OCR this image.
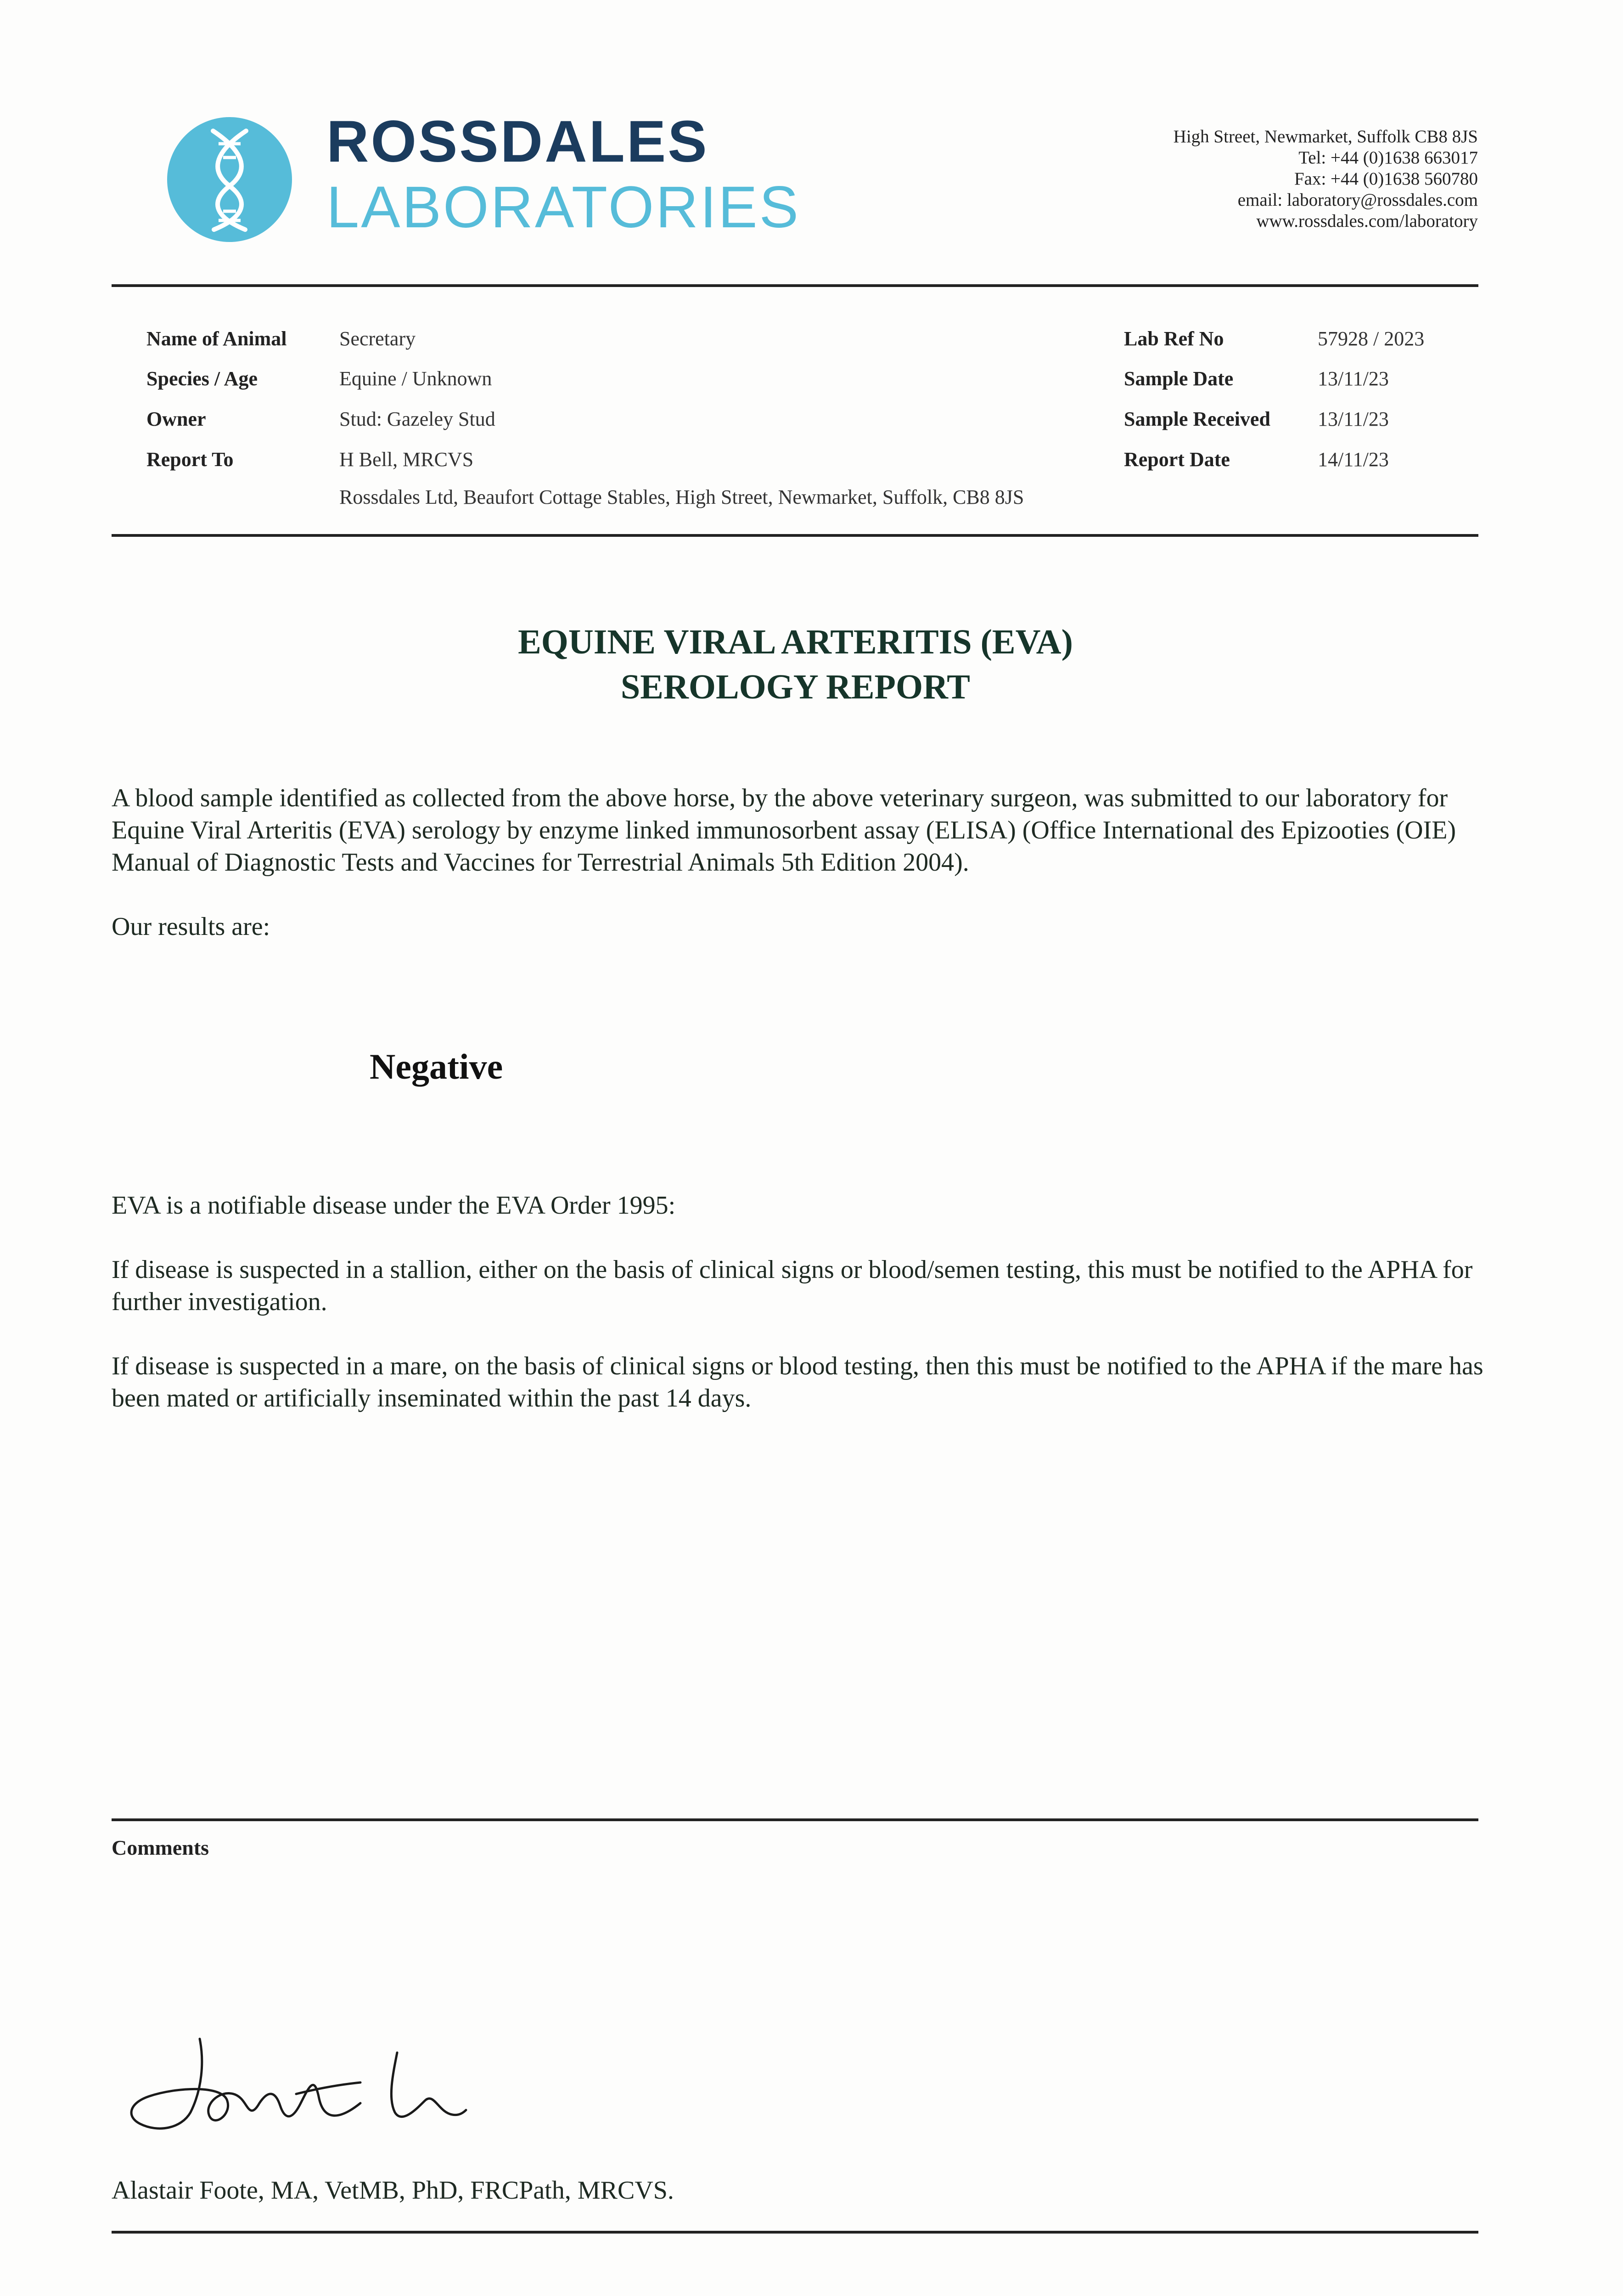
ROSSDALES
LABORATORIES
High Street, Newmarket, Suffolk CB8 8JS
Tel: +44 (0)1638 663017
Fax: +44 (0)1638 560780
email: laboratory@rossdales.com
www.rossdales.com/laboratory
Name of Animal	Secretary
Species / Age	Equine / Unknown
Owner	Stud: Gazeley Stud
Report To	H Bell, MRCVS
Rossdales Ltd, Beaufort Cottage Stables, High Street, Newmarket, Suffolk, CB8 8JS
Lab Ref No	57928 / 2023
Sample Date	13/11/23
Sample Received 13/11/23
Report Date	14/11/23
EQUINE VIRAL ARTERITIS (EVA)
SEROLOGY REPORT
A blood sample identified as collected from the above horse, by the above veterinary surgeon, was submitted to our laboratory for Equine Viral Arteritis (EVA) serology by enzyme linked immunosorbent assay (ELISA) (Office International des Epizooties (OIE) Manual of Diagnostic Tests and Vaccines for Terrestrial Animals 5th Edition 2004).
Our results are:
Negative
EVA is a notifiable disease under the EVA Order 1995:
If disease is suspected in a stallion, either on the basis of clinical signs or blood/semen testing, this must be notified to the APHA for further investigation.
If disease is suspected in a mare, on the basis of clinical signs or blood testing, then this must be notified to the APHA if the mare has been mated or artificially inseminated within the past 14 days.
Comments
Alastair Foote, MA, VetMB, PhD, FRCPath, MRCVS.
